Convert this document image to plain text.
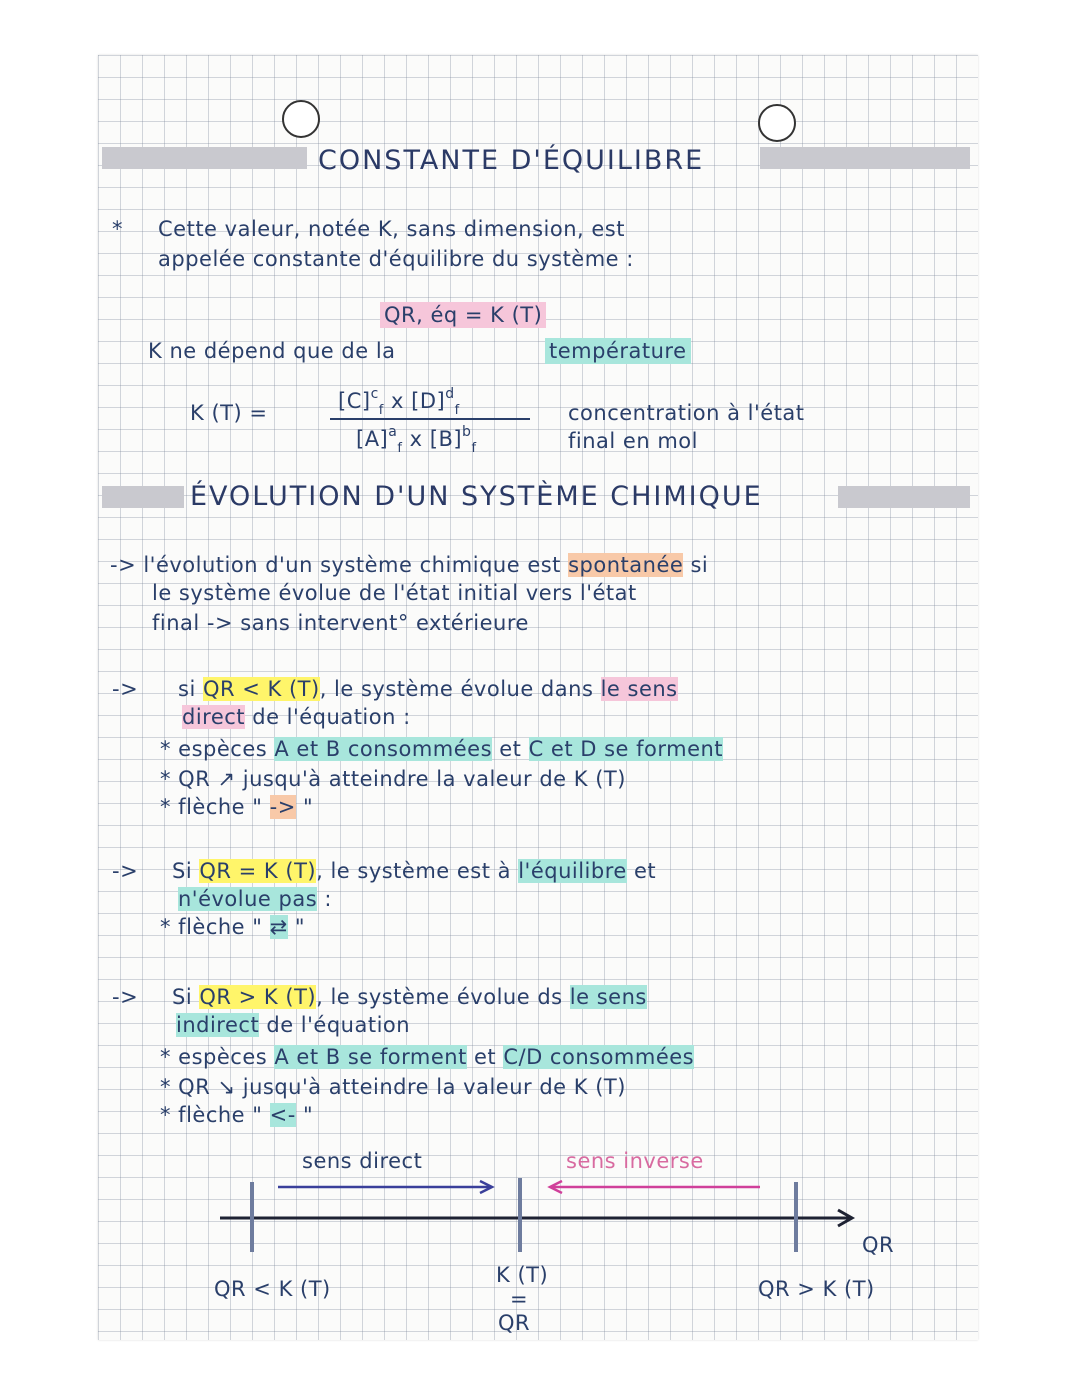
CONSTANTE D'ÉQUILIBRE
* Cette valeur, notée K, sans dimension, est
appelée constante d'équilibre du système :
QR, éq = K (T)
K ne dépend que de la	température
K (T) =	$[C]^c_f$ x $[D]^d_f$
$[A]^a_f$ x $[B]^b_f$
concentration à l'état
final en mol
ÉVOLUTION D'UN SYSTÈME CHIMIQUE
-> l'évolution d'un système chimique est spontanée si
le système évolue de l'état initial vers l'état
final -> sans intervent° extérieure
-> si QR < K (T), le système évolue dans le sens
direct de l'équation :
* espèces A et B consommées et C et D se forment
* QR ↗ jusqu'à atteindre la valeur de K (T)
* flèche " -> "
-> Si QR = K (T), le système est à l'équilibre et
n'évolue pas :
* flèche " ⇄ "
-> Si QR > K (T), le système évolue ds le sens
indirect de l'équation
* espèces A et B se forment et C/D consommées
* QR ↘ jusqu'à atteindre la valeur de K (T)
* flèche " <- "
sens direct	sens inverse
QR
QR < K (T)
K (T)
=
QR
QR > K (T)
